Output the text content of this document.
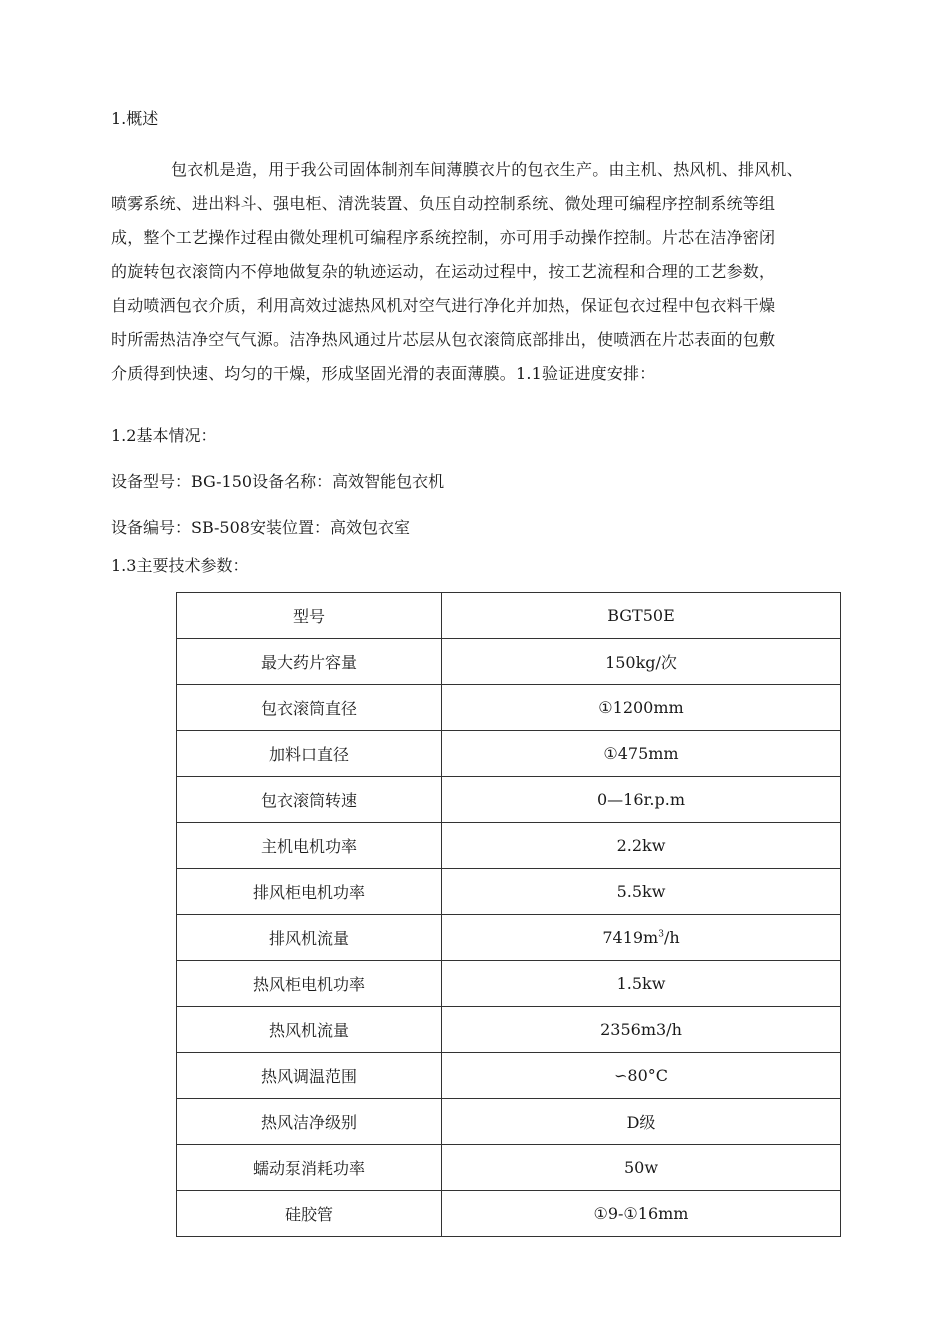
1.概述

包衣机是造，用于我公司固体制剂车间薄膜衣片的包衣生产。由主机、热风机、排风机、

喷雾系统、进出料斗、强电柜、清洗装置、负压自动控制系统、微处理可编程序控制系统等组

成，整个工艺操作过程由微处理机可编程序系统控制，亦可用手动操作控制。片芯在洁净密闭

的旋转包衣滚筒内不停地做复杂的轨迹运动，在运动过程中，按工艺流程和合理的工艺参数，

自动喷洒包衣介质，利用高效过滤热风机对空气进行净化并加热，保证包衣过程中包衣料干燥

时所需热洁净空气气源。洁净热风通过片芯层从包衣滚筒底部排出，使喷洒在片芯表面的包敷

介质得到快速、均匀的干燥，形成坚固光滑的表面薄膜。1.1验证进度安排：

1.2基本情况：
设备型号：BG-150设备名称：高效智能包衣机
设备编号：SB-508安装位置：高效包衣室
1.3主要技术参数：
型号	BGT50E
最大药片容量	150kg/次
包衣滚筒直径	①1200mm
加料口直径	①475mm
包衣滚筒转速	0—16r.p.m
主机电机功率	2.2kw
排风柜电机功率	5.5kw
排风机流量	$7419m^3/h$
热风柜电机功率	1.5kw
热风机流量	2356m3/h
热风调温范围	∽80°C
热风洁净级别	D级
蠕动泵消耗功率	50w
硅胶管	①9-①16mm
